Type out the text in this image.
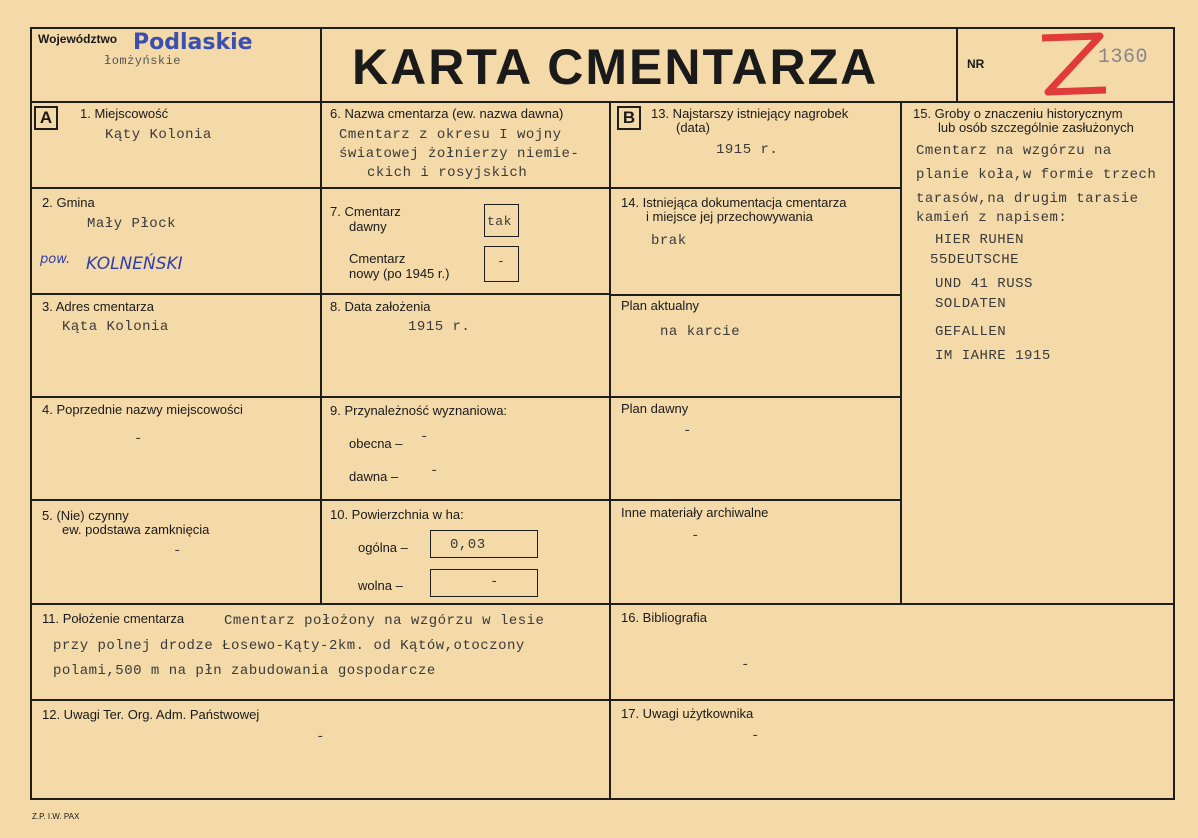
Województwo Podlaskie
łomżyńskie	KARTA CMENTARZA	NR	1360
A	1. Miejscowość
Kąty Kolonia
2. Gmina
Mały Płock
pow. KOLNEŃSKI
3. Adres cmentarza
Kąta Kolonia
4. Poprzednie nazwy miejscowości
-
5. (Nie) czynny
ew. podstawa zamknięcia
-
6. Nazwa cmentarza (ew. nazwa dawna)
Cmentarz z okresu I wojny
światowej żołnierzy niemie-
ckich i rosyjskich
7. Cmentarz
dawny	tak
Cmentarz
nowy (po 1945 r.)
-
8. Data założenia
1915 r.
9. Przynależność wyznaniowa:
obecna – -
dawna – -
10. Powierzchnia w ha:
ogólna –	0,03
wolna –	-
B	13. Najstarszy istniejący nagrobek
(data)
1915 r.
14. Istniejąca dokumentacja cmentarza
i miejsce jej przechowywania
brak
Plan aktualny
na karcie
Plan dawny
-
Inne materiały archiwalne
-
15. Groby o znaczeniu historycznym
lub osób szczególnie zasłużonych
Cmentarz na wzgórzu na
planie koła,w formie trzech
tarasów,na drugim tarasie
kamień z napisem:
HIER RUHEN
55DEUTSCHE
UND 41 RUSS
SOLDATEN
GEFALLEN
IM IAHRE 1915
11. Położenie cmentarza	Cmentarz położony na wzgórzu w lesie
przy polnej drodze Łosewo-Kąty-2km. od Kątów,otoczony
polami,500 m na płn zabudowania gospodarcze
16. Bibliografia
-
12. Uwagi Ter. Org. Adm. Państwowej
-
17. Uwagi użytkownika
-
Z.P. I.W. PAX
